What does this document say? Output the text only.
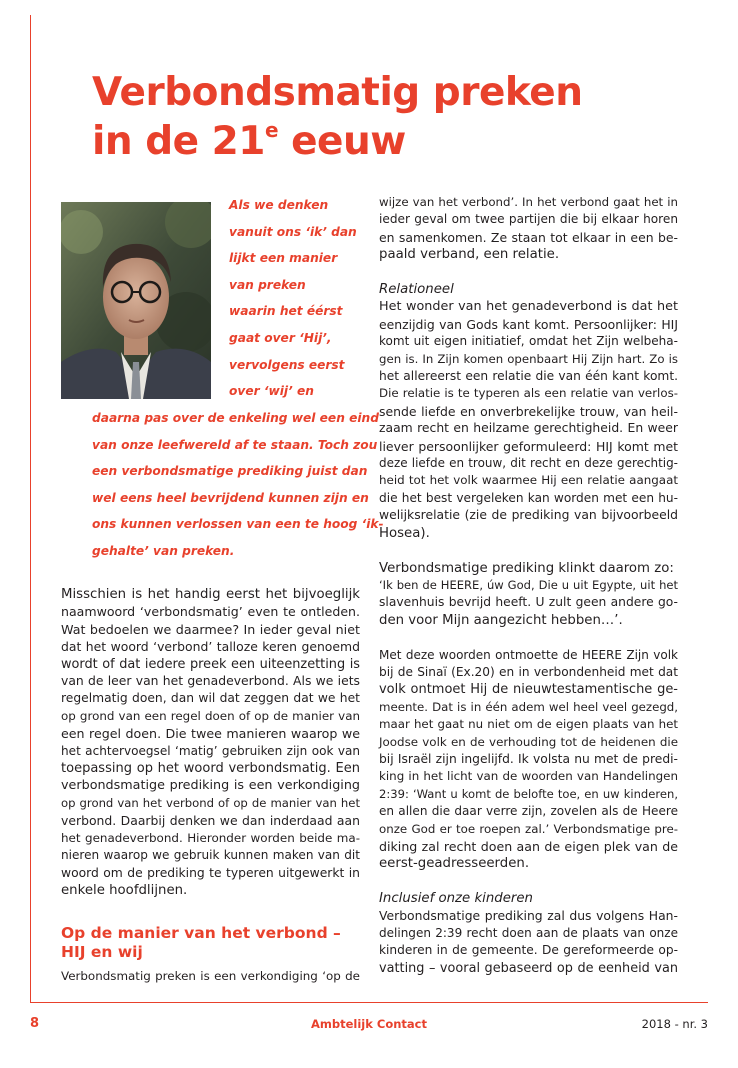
Verbondsmatig preken
in de 21e eeuw
Als we denken
vanuit ons ‘ik’ dan
lijkt een manier
van preken
waarin het éérst
gaat over ‘Hij’,
vervolgens eerst
over ‘wij’ en
daarna pas over de enkeling wel een eind
van onze leefwereld af te staan. Toch zou
een verbondsmatige prediking juist dan
wel eens heel bevrijdend kunnen zijn en
ons kunnen verlossen van een te hoog ‘ik-
gehalte’ van preken.
Misschien is het handig eerst het bijvoeglijk
naamwoord ‘verbondsmatig’ even te ontleden.
Wat bedoelen we daarmee? In ieder geval niet
dat het woord ‘verbond’ talloze keren genoemd
wordt of dat iedere preek een uiteenzetting is
van de leer van het genadeverbond. Als we iets
regelmatig doen, dan wil dat zeggen dat we het
op grond van een regel doen of op de manier van
een regel doen. Die twee manieren waarop we
het achtervoegsel ‘matig’ gebruiken zijn ook van
toepassing op het woord verbondsmatig. Een
verbondsmatige prediking is een verkondiging
op grond van het verbond of op de manier van het
verbond. Daarbij denken we dan inderdaad aan
het genadeverbond. Hieronder worden beide ma-
nieren waarop we gebruik kunnen maken van dit
woord om de prediking te typeren uitgewerkt in
enkele hoofdlijnen.

Op de manier van het verbond –
HIJ en wij

Verbondsmatig preken is een verkondiging ‘op de
wijze van het verbond’. In het verbond gaat het in
ieder geval om twee partijen die bij elkaar horen
en samenkomen. Ze staan tot elkaar in een be-
paald verband, een relatie.
Relationeel
Het wonder van het genadeverbond is dat het
eenzijdig van Gods kant komt. Persoonlijker: HIJ
komt uit eigen initiatief, omdat het Zijn welbeha-
gen is. In Zijn komen openbaart Hij Zijn hart. Zo is
het allereerst een relatie die van één kant komt.
Die relatie is te typeren als een relatie van verlos-
sende liefde en onverbrekelijke trouw, van heil-
zaam recht en heilzame gerechtigheid. En weer
liever persoonlijker geformuleerd: HIJ komt met
deze liefde en trouw, dit recht en deze gerechtig-
heid tot het volk waarmee Hij een relatie aangaat
die het best vergeleken kan worden met een hu-
welijksrelatie (zie de prediking van bijvoorbeeld
Hosea).
Verbondsmatige prediking klinkt daarom zo:
‘Ik ben de HEERE, úw God, Die u uit Egypte, uit het
slavenhuis bevrijd heeft. U zult geen andere go-
den voor Mijn aangezicht hebben…’.
Met deze woorden ontmoette de HEERE Zijn volk
bij de Sinaï (Ex.20) en in verbondenheid met dat
volk ontmoet Hij de nieuwtestamentische ge-
meente. Dat is in één adem wel heel veel gezegd,
maar het gaat nu niet om de eigen plaats van het
Joodse volk en de verhouding tot de heidenen die
bij Israël zijn ingelijfd. Ik volsta nu met de predi-
king in het licht van de woorden van Handelingen
2:39: ‘Want u komt de belofte toe, en uw kinderen,
en allen die daar verre zijn, zovelen als de Heere
onze God er toe roepen zal.’ Verbondsmatige pre-
diking zal recht doen aan de eigen plek van de
eerst-geadresseerden.
Inclusief onze kinderen
Verbondsmatige prediking zal dus volgens Han-
delingen 2:39 recht doen aan de plaats van onze
kinderen in de gemeente. De gereformeerde op-
vatting – vooral gebaseerd op de eenheid van
8	Ambtelijk Contact	2018 - nr. 3
